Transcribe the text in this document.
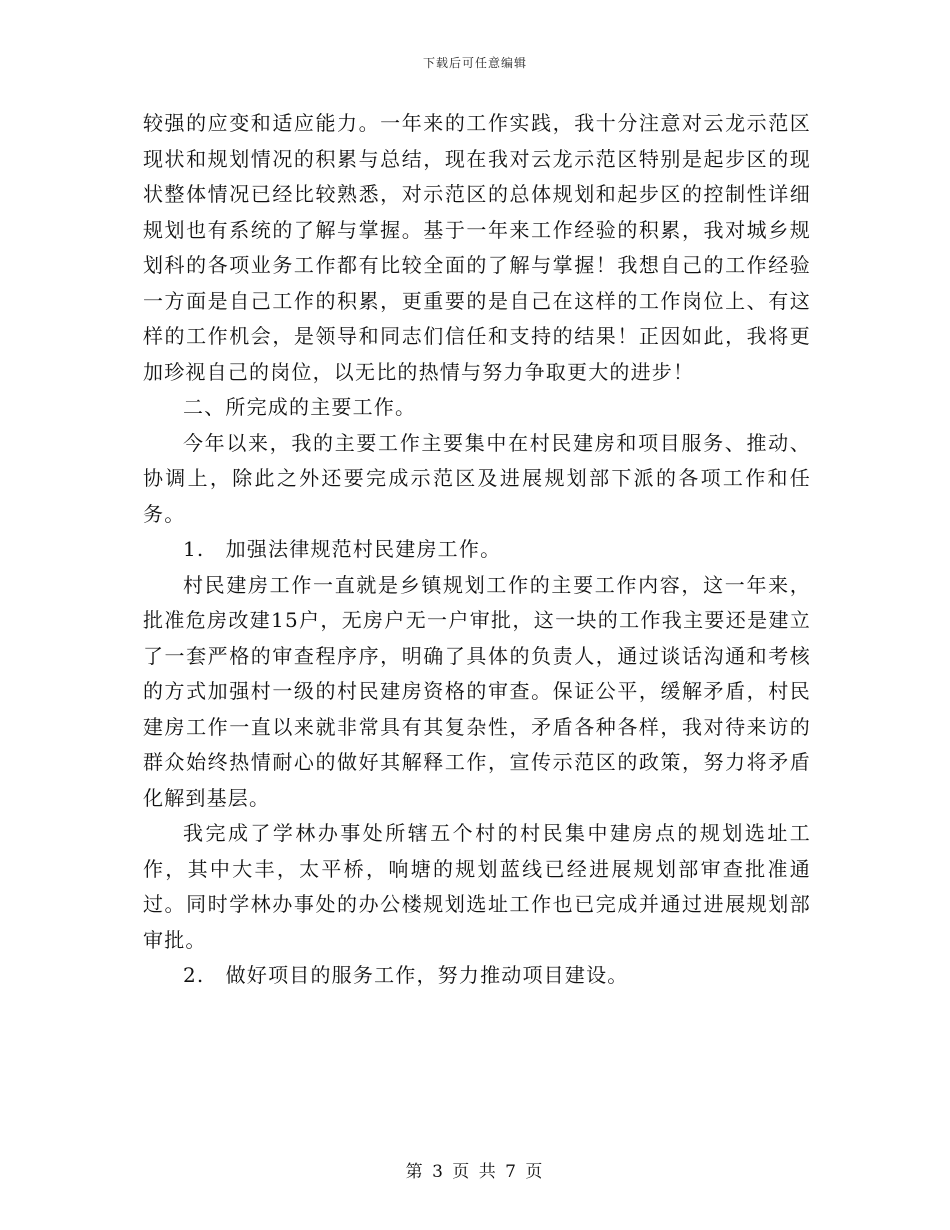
下载后可任意编辑

较强的应变和适应能力。一年来的工作实践，我十分注意对云龙示范区现状和规划情况的积累与总结，现在我对云龙示范区特别是起步区的现状整体情况已经比较熟悉，对示范区的总体规划和起步区的控制性详细规划也有系统的了解与掌握。基于一年来工作经验的积累，我对城乡规划科的各项业务工作都有比较全面的了解与掌握！我想自己的工作经验一方面是自己工作的积累，更重要的是自己在这样的工作岗位上、有这样的工作机会，是领导和同志们信任和支持的结果！正因如此，我将更加珍视自己的岗位，以无比的热情与努力争取更大的进步！

二、所完成的主要工作。

今年以来，我的主要工作主要集中在村民建房和项目服务、推动、协调上，除此之外还要完成示范区及进展规划部下派的各项工作和任务。

1.　加强法律规范村民建房工作。

村民建房工作一直就是乡镇规划工作的主要工作内容，这一年来，批准危房改建15户，无房户无一户审批，这一块的工作我主要还是建立了一套严格的审查程序序，明确了具体的负责人，通过谈话沟通和考核的方式加强村一级的村民建房资格的审查。保证公平，缓解矛盾，村民建房工作一直以来就非常具有其复杂性，矛盾各种各样，我对待来访的群众始终热情耐心的做好其解释工作，宣传示范区的政策，努力将矛盾化解到基层。

我完成了学林办事处所辖五个村的村民集中建房点的规划选址工作，其中大丰，太平桥，响塘的规划蓝线已经进展规划部审查批准通过。同时学林办事处的办公楼规划选址工作也已完成并通过进展规划部审批。

2.　做好项目的服务工作，努力推动项目建设。

第 3 页 共 7 页
